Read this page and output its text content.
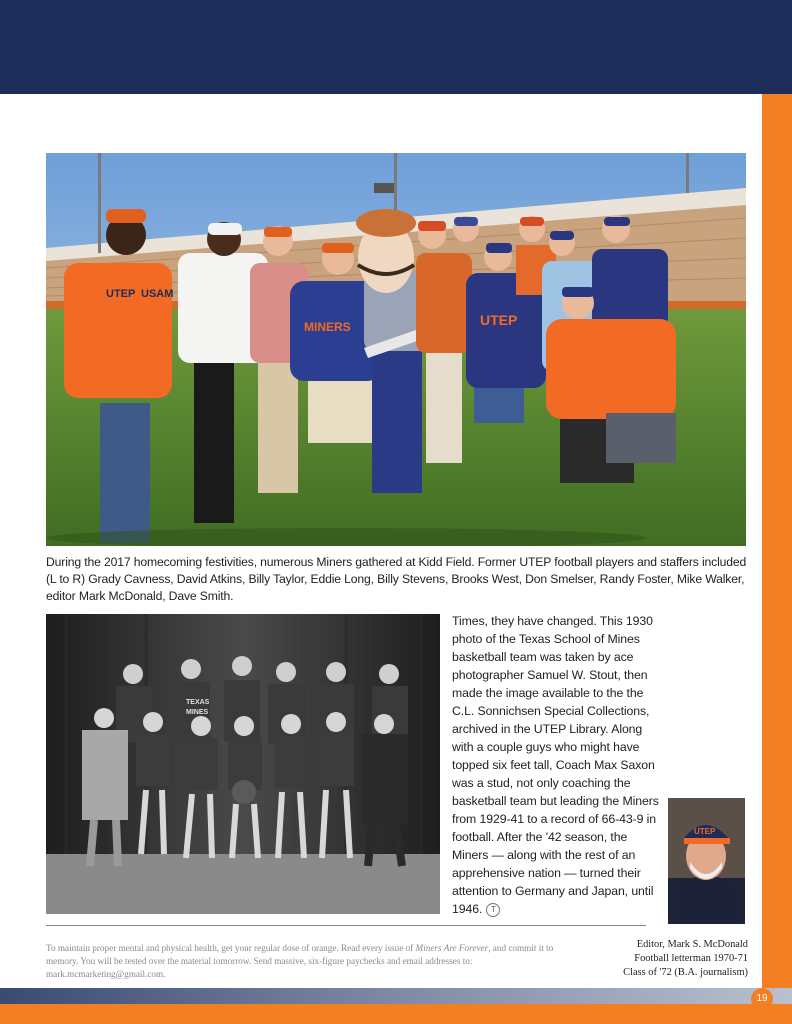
UTEP USAM
MINERS	UTEP
During the 2017 homecoming festivities, numerous Miners gathered at Kidd Field. Former UTEP football players and staffers included (L to R) Grady Cavness, David Atkins, Billy Taylor, Eddie Long, Billy Stevens, Brooks West, Don Smelser, Randy Foster, Mike Walker, editor Mark McDonald, Dave Smith.
TEXAS
MINES

Times, they have changed. This 1930 photo of the Texas School of Mines basketball team was taken by ace photographer Samuel W. Stout, then made the image available to the the C.L. Sonnichsen Special Collections, archived in the UTEP Library. Along with a couple guys who might have topped six feet tall, Coach Max Saxon was a stud, not only coaching the basketball team but leading the Miners from 1929-41 to a record of 66-43-9 in football. After the '42 season, the Miners — along with the rest of an apprehensive nation — turned their attention to Germany and Japan, until 1946. T

UTEP
To maintain proper mental and physical health, get your regular dose of orange. Read every issue of Miners Are Forever, and commit it to memory. You will be tested over the material tomorrow. Send massive, six-figure paychecks and email addresses to: mark.mcmarketing@gmail.com.
Editor, Mark S. McDonald
Football letterman 1970-71
Class of '72 (B.A. journalism)
19
